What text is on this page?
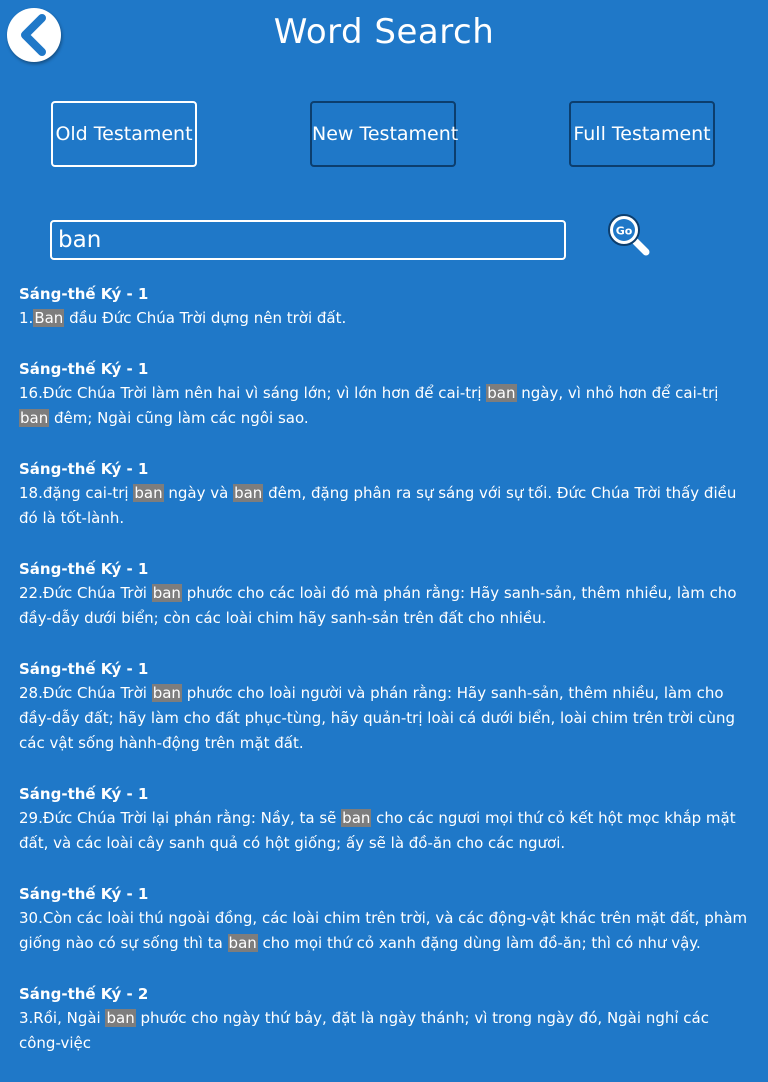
Word Search
Old Testament	New Testament	Full Testament
ban
Go
Sáng-thế Ký - 1
1.Ban đầu Đức Chúa Trời dựng nên trời đất.
Sáng-thế Ký - 1
16.Đức Chúa Trời làm nên hai vì sáng lớn; vì lớn hơn để cai-trị ban ngày, vì nhỏ hơn để cai-trị ban đêm; Ngài cũng làm các ngôi sao.
Sáng-thế Ký - 1
18.đặng cai-trị ban ngày và ban đêm, đặng phân ra sự sáng với sự tối. Đức Chúa Trời thấy điều đó là tốt-lành.
Sáng-thế Ký - 1
22.Đức Chúa Trời ban phước cho các loài đó mà phán rằng: Hãy sanh-sản, thêm nhiều, làm cho đầy-dẫy dưới biển; còn các loài chim hãy sanh-sản trên đất cho nhiều.
Sáng-thế Ký - 1
28.Đức Chúa Trời ban phước cho loài người và phán rằng: Hãy sanh-sản, thêm nhiều, làm cho đầy-dẫy đất; hãy làm cho đất phục-tùng, hãy quản-trị loài cá dưới biển, loài chim trên trời cùng các vật sống hành-động trên mặt đất.
Sáng-thế Ký - 1
29.Đức Chúa Trời lại phán rằng: Nầy, ta sẽ ban cho các ngươi mọi thứ cỏ kết hột mọc khắp mặt đất, và các loài cây sanh quả có hột giống; ấy sẽ là đồ-ăn cho các ngươi.
Sáng-thế Ký - 1
30.Còn các loài thú ngoài đồng, các loài chim trên trời, và các động-vật khác trên mặt đất, phàm giống nào có sự sống thì ta ban cho mọi thứ cỏ xanh đặng dùng làm đồ-ăn; thì có như vậy.
Sáng-thế Ký - 2
3.Rồi, Ngài ban phước cho ngày thứ bảy, đặt là ngày thánh; vì trong ngày đó, Ngài nghỉ các công-việc
